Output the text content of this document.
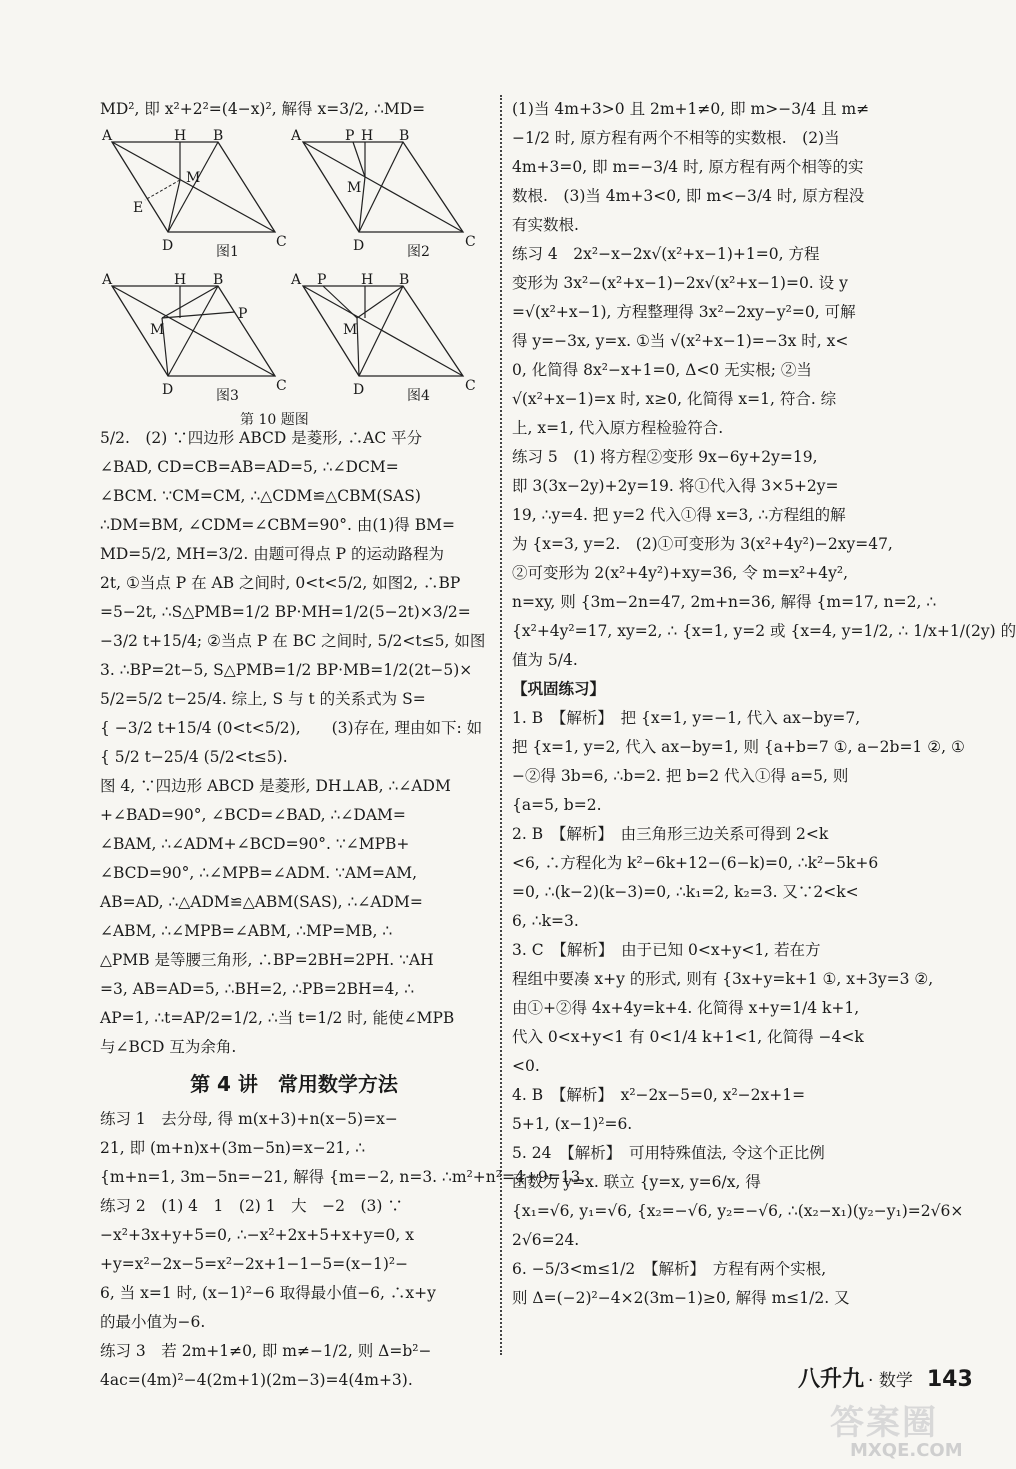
MD², 即 x²+2²=(4−x)², 解得 x=3/2, ∴MD=
A	H B
M
E
D	C
图1
A	P H B
M
D	C
图2
A	H B
P
M
D	C
图3
A P H B
M
D	C
图4
第 10 题图
5/2.　(2) ∵四边形 ABCD 是菱形, ∴AC 平分
∠BAD, CD=CB=AB=AD=5, ∴∠DCM=
∠BCM. ∵CM=CM, ∴△CDM≌△CBM(SAS)
∴DM=BM, ∠CDM=∠CBM=90°. 由(1)得 BM=
MD=5/2, MH=3/2. 由题可得点 P 的运动路程为
2t, ①当点 P 在 AB 之间时, 0<t<5/2, 如图2, ∴BP
=5−2t, ∴S△PMB=1/2 BP·MH=1/2(5−2t)×3/2=
−3/2 t+15/4; ②当点 P 在 BC 之间时, 5/2<t≤5, 如图
3. ∴BP=2t−5, S△PMB=1/2 BP·MB=1/2(2t−5)×
5/2=5/2 t−25/4. 综上, S 与 t 的关系式为 S=
{ −3/2 t+15/4 (0<t<5/2),　　(3)存在, 理由如下: 如
{ 5/2 t−25/4 (5/2<t≤5).
图 4, ∵四边形 ABCD 是菱形, DH⊥AB, ∴∠ADM
+∠BAD=90°, ∠BCD=∠BAD, ∴∠DAM=
∠BAM, ∴∠ADM+∠BCD=90°. ∵∠MPB+
∠BCD=90°, ∴∠MPB=∠ADM. ∵AM=AM,
AB=AD, ∴△ADM≌△ABM(SAS), ∴∠ADM=
∠ABM, ∴∠MPB=∠ABM, ∴MP=MB, ∴
△PMB 是等腰三角形, ∴BP=2BH=2PH. ∵AH
=3, AB=AD=5, ∴BH=2, ∴PB=2BH=4, ∴
AP=1, ∴t=AP/2=1/2, ∴当 t=1/2 时, 能使∠MPB
与∠BCD 互为余角.
第 4 讲　常用数学方法
练习 1　去分母, 得 m(x+3)+n(x−5)=x−
21, 即 (m+n)x+(3m−5n)=x−21, ∴
{m+n=1, 3m−5n=−21, 解得 {m=−2, n=3. ∴m²+n²=4+9=13.
练习 2　(1) 4　1　(2) 1　大　−2　(3) ∵
−x²+3x+y+5=0, ∴−x²+2x+5+x+y=0, x
+y=x²−2x−5=x²−2x+1−1−5=(x−1)²−
6, 当 x=1 时, (x−1)²−6 取得最小值−6, ∴x+y
的最小值为−6.
练习 3　若 2m+1≠0, 即 m≠−1/2, 则 Δ=b²−
4ac=(4m)²−4(2m+1)(2m−3)=4(4m+3).
(1)当 4m+3>0 且 2m+1≠0, 即 m>−3/4 且 m≠
−1/2 时, 原方程有两个不相等的实数根.　(2)当
4m+3=0, 即 m=−3/4 时, 原方程有两个相等的实
数根.　(3)当 4m+3<0, 即 m<−3/4 时, 原方程没
有实数根.
练习 4　2x²−x−2x√(x²+x−1)+1=0, 方程
变形为 3x²−(x²+x−1)−2x√(x²+x−1)=0. 设 y
=√(x²+x−1), 方程整理得 3x²−2xy−y²=0, 可解
得 y=−3x, y=x. ①当 √(x²+x−1)=−3x 时, x<
0, 化简得 8x²−x+1=0, Δ<0 无实根; ②当
√(x²+x−1)=x 时, x≥0, 化简得 x=1, 符合. 综
上, x=1, 代入原方程检验符合.
练习 5　(1) 将方程②变形 9x−6y+2y=19,
即 3(3x−2y)+2y=19. 将①代入得 3×5+2y=
19, ∴y=4. 把 y=2 代入①得 x=3, ∴方程组的解
为 {x=3, y=2.　(2)①可变形为 3(x²+4y²)−2xy=47,
②可变形为 2(x²+4y²)+xy=36, 令 m=x²+4y²,
n=xy, 则 {3m−2n=47, 2m+n=36, 解得 {m=17, n=2, ∴
{x²+4y²=17, xy=2, ∴ {x=1, y=2 或 {x=4, y=1/2, ∴ 1/x+1/(2y) 的
值为 5/4.
【巩固练习】
1. B　【解析】　把 {x=1, y=−1, 代入 ax−by=7,
把 {x=1, y=2, 代入 ax−by=1, 则 {a+b=7 ①, a−2b=1 ②, ①
−②得 3b=6, ∴b=2. 把 b=2 代入①得 a=5, 则
{a=5, b=2.
2. B　【解析】　由三角形三边关系可得到 2<k
<6, ∴方程化为 k²−6k+12−(6−k)=0, ∴k²−5k+6
=0, ∴(k−2)(k−3)=0, ∴k₁=2, k₂=3. 又∵2<k<
6, ∴k=3.
3. C　【解析】　由于已知 0<x+y<1, 若在方
程组中要凑 x+y 的形式, 则有 {3x+y=k+1 ①, x+3y=3 ②,
由①+②得 4x+4y=k+4. 化简得 x+y=1/4 k+1,
代入 0<x+y<1 有 0<1/4 k+1<1, 化简得 −4<k
<0.
4. B　【解析】　x²−2x−5=0, x²−2x+1=
5+1, (x−1)²=6.
5. 24　【解析】　可用特殊值法, 令这个正比例
函数为 y=x. 联立 {y=x, y=6/x, 得
{x₁=√6, y₁=√6, {x₂=−√6, y₂=−√6, ∴(x₂−x₁)(y₂−y₁)=2√6×
2√6=24.
6. −5/3<m≤1/2　【解析】　方程有两个实根,
则 Δ=(−2)²−4×2(3m−1)≥0, 解得 m≤1/2. 又
八升九 · 数学 143
答案圈
MXQE.COM
